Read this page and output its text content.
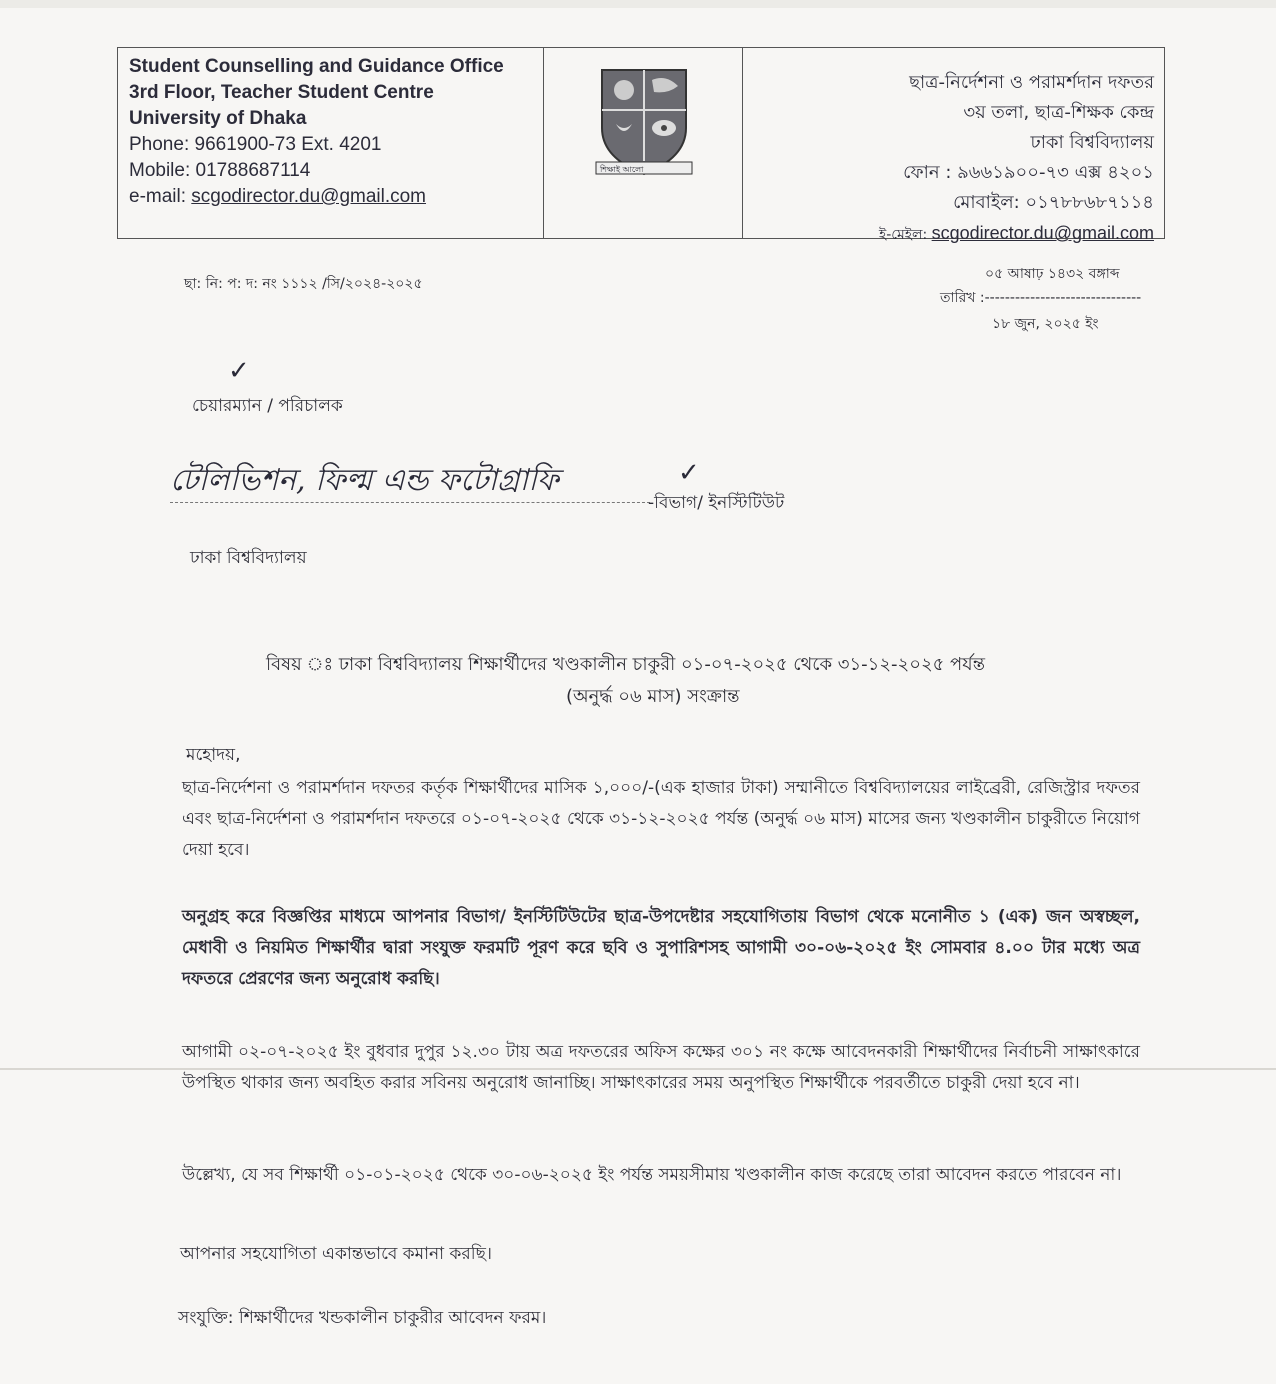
Student Counselling and Guidance Office
3rd Floor, Teacher Student Centre
University of Dhaka
Phone: 9661900-73 Ext. 4201
Mobile: 01788687114
e-mail: scgodirector.du@gmail.com
শিক্ষাই আলো
ছাত্র-নির্দেশনা ও পরামর্শদান দফতর
৩য় তলা, ছাত্র-শিক্ষক কেন্দ্র
ঢাকা বিশ্ববিদ্যালয়
ফোন : ৯৬৬১৯০০-৭৩ এক্স ৪২০১
মোবাইল: ০১৭৮৮৬৮৭১১৪
ই-মেইল: scgodirector.du@gmail.com
ছা: নি: প: দ: নং ১১১২ /সি/২০২৪-২০২৫
০৫ আষাঢ় ১৪৩২ বঙ্গাব্দ
তারিখ :-------------------------------
১৮ জুন, ২০২৫ ইং
✓
চেয়ারম্যান / পরিচালক
টেলিভিশন, ফিল্ম এন্ড ফটোগ্রাফি	✓
-বিভাগ/ ইনস্টিটিউট
ঢাকা বিশ্ববিদ্যালয়
বিষয় ঃ ঢাকা বিশ্ববিদ্যালয় শিক্ষার্থীদের খণ্ডকালীন চাকুরী ০১-০৭-২০২৫ থেকে ৩১-১২-২০২৫ পর্যন্ত
(অনুর্দ্ধ ০৬ মাস) সংক্রান্ত
মহোদয়,
ছাত্র-নির্দেশনা ও পরামর্শদান দফতর কর্তৃক শিক্ষার্থীদের মাসিক ১,০০০/-(এক হাজার টাকা) সম্মানীতে বিশ্ববিদ্যালয়ের লাইব্রেরী, রেজিস্ট্রার দফতর এবং ছাত্র-নির্দেশনা ও পরামর্শদান দফতরে ০১-০৭-২০২৫ থেকে ৩১-১২-২০২৫ পর্যন্ত (অনুর্দ্ধ ০৬ মাস) মাসের জন্য খণ্ডকালীন চাকুরীতে নিয়োগ দেয়া হবে।
অনুগ্রহ করে বিজ্ঞপ্তির মাধ্যমে আপনার বিভাগ/ ইনস্টিটিউটের ছাত্র-উপদেষ্টার সহযোগিতায় বিভাগ থেকে মনোনীত ১ (এক) জন অস্বচ্ছল, মেধাবী ও নিয়মিত শিক্ষার্থীর দ্বারা সংযুক্ত ফরমটি পূরণ করে ছবি ও সুপারিশসহ আগামী ৩০-০৬-২০২৫ ইং সোমবার ৪.০০ টার মধ্যে অত্র দফতরে প্রেরণের জন্য অনুরোধ করছি।
আগামী ০২-০৭-২০২৫ ইং বুধবার দুপুর ১২.৩০ টায় অত্র দফতরের অফিস কক্ষের ৩০১ নং কক্ষে আবেদনকারী শিক্ষার্থীদের নির্বাচনী সাক্ষাৎকারে উপস্থিত থাকার জন্য অবহিত করার সবিনয় অনুরোধ জানাচ্ছি। সাক্ষাৎকারের সময় অনুপস্থিত শিক্ষার্থীকে পরবর্তীতে চাকুরী দেয়া হবে না।
উল্লেখ্য, যে সব শিক্ষার্থী ০১-০১-২০২৫ থেকে ৩০-০৬-২০২৫ ইং পর্যন্ত সময়সীমায় খণ্ডকালীন কাজ করেছে তারা আবেদন করতে পারবেন না।
আপনার সহযোগিতা একান্তভাবে কমানা করছি।
সংযুক্তি: শিক্ষার্থীদের খন্ডকালীন চাকুরীর আবেদন ফরম।
